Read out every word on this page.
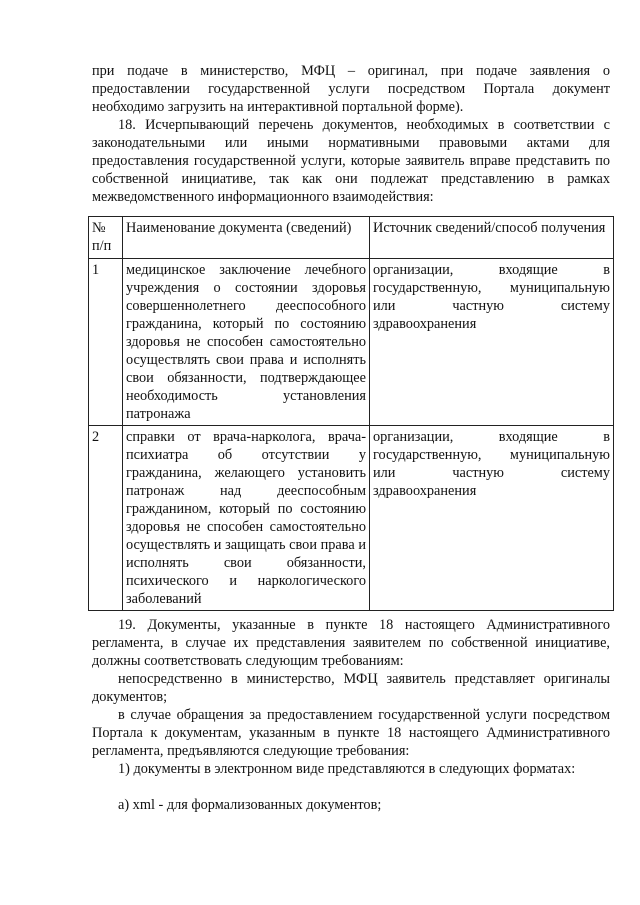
при подаче в министерство, МФЦ – оригинал, при подаче заявления о предоставлении государственной услуги посредством Портала документ необходимо загрузить на интерактивной портальной форме).

18. Исчерпывающий перечень документов, необходимых в соответствии с законодательными или иными нормативными правовыми актами для предоставления государственной услуги, которые заявитель вправе представить по собственной инициативе, так как они подлежат представлению в рамках межведомственного информационного взаимодействия:

№ п/п	Наименование документа (сведений)	Источник сведений/способ получения
1	медицинское заключение лечебного учреждения о состоянии здоровья совершеннолетнего дееспособного гражданина, который по состоянию здоровья не способен самостоятельно осуществлять свои права и исполнять свои обязанности, подтверждающее необходимость установления патронажа	организации, входящие в государственную, муниципальную или частную систему здравоохранения
2	справки от врача-нарколога, врача-психиатра об отсутствии у гражданина, желающего установить патронаж над дееспособным гражданином, который по состоянию здоровья не способен самостоятельно осуществлять и защищать свои права и исполнять свои обязанности, психического и наркологического заболеваний	организации, входящие в государственную, муниципальную или частную систему здравоохранения

19. Документы, указанные в пункте 18 настоящего Административного регламента, в случае их представления заявителем по собственной инициативе, должны соответствовать следующим требованиям:

непосредственно в министерство, МФЦ заявитель представляет оригиналы документов;

в случае обращения за предоставлением государственной услуги посредством Портала к документам, указанным в пункте 18 настоящего Административного регламента, предъявляются следующие требования:

1) документы в электронном виде представляются в следующих форматах:

а) xml - для формализованных документов;
